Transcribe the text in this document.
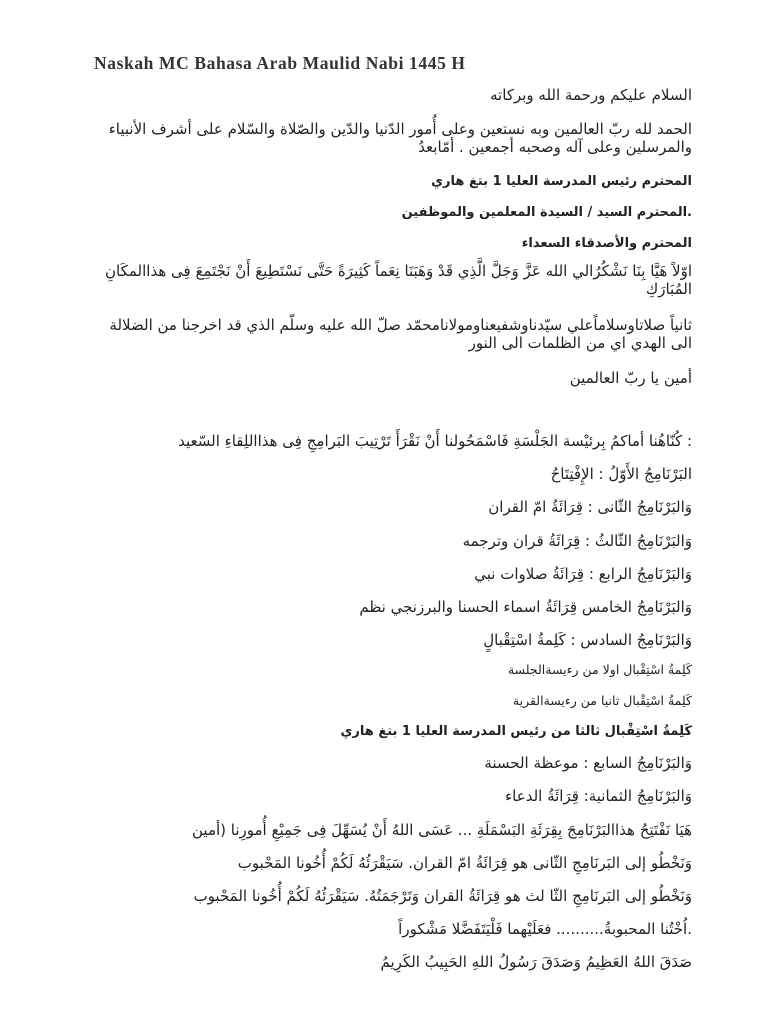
Naskah MC Bahasa Arab Maulid Nabi 1445 H
السلام عليكم ورحمة الله وبركاته
الحمد لله ربّ العالمين وبه نستعين وعلى أُمور الدّنيا والدّين والصّلاة والسّلام على أشرف الأنبياء والمرسلين وعلى آله وصحبه أجمعين . أمّابعدُ
المحترم رئيس المدرسة العليا 1 بتغ هاري
.المحترم السيد / السيدة المعلمين والموظفين
المحترم والأصدقاء السعداء
اوّلاً هَيَّا بِنَا نَشْكُرُالي الله عَزَّ وَجَلَّ الَّذِي قَدْ وَهَبَنَا نِعَماً كَثِيرَةً حَتَّى نَسْتَطِيعَ أَنْ نَجْتَمِعَ فِى هذاالمكَانِ المُبَارَكِ
ثانياً صلاتاوسلاماًعلي سيّدناوشفيعناومولانامحمّد صلّ الله عليه وسلّم الذي قد اخرجنا من الضلالة الى الهدي اي من الظلمات الى النور
أمين يا ربّ العالمين
: كُنّاهُنا أماكمُ بِرئيْسة الجَلْسَةِ فَاسْمَحُولنا أَنْ نَقْرَأَ تَرْتِيبَ البَرامِجِ فِى هذااللِقاءِ السّعيد
البَرْنَامِجُ الأَوّلُ : الإِفْتِتَاحُ
وَالبَرْنَامِجُ الثّانى : قِرَائَةُ امّ القران
وَالبَرْنَامِجُ الثّالثُ : قِرَائَةُ قران وترجمه
وَالبَرْنَامِجُ الرابع : قِرَائَةُ صلاوات نبي
وَالبَرْنَامِجُ الخامس قِرَائَةُ اسماء الحسنا والبرزنجي نظم
وَالبَرْنَامِجُ السادس : كَلِمةُ اسْتِقْبالٍ
كَلِمةُ اسْتِقْبال اولا من رءيسةالجلسة
كَلِمةُ اسْتِقْبال ثانيا من رءيسةالقرية
كَلِمةُ اسْتِقْبال ثالثا من رئيس المدرسة العليا 1 بتغ هاري
وَالبَرْنَامِجُ السابع : موعظة الحسنة
وَالبَرْنَامِجُ الثمانية: قِرَائَةُ الدعاء
هَيَا نَفْتَتِحُ هذاالبَرْنَامِجَ بِقِرَئَةِ البَسْمَلَةِ ... عَسَى اللهُ أَنْ يُسَهِّلَ فِى جَمِيْعِ أُمورِنا (أمين
وَنَخْطُو إلى البَرنَامِجِ الثّانى هو قِرَائَةُ امّ القران. سَيَقْرَئُهُ لَكُمْ أُخُونا المَحْبوب
وَنَخْطُو إلى البَرنَامِجِ الثّا لث هو قِرَائَةُ القران وَتَرْجَمَتُهُ. سَيَقْرَئُهُ لَكُمْ أُخُونا المَحْبوب
.اُخْتُنا المحبوبةُ.......... فعَلَيْهما فَلْيَتَفَضَّلا مَشْكوراً
صَدَقَ اللهُ العَظِيمُ وَصَدَقَ رَسُولُ اللهِ الحَبِيبُ الكَرِيمُ
